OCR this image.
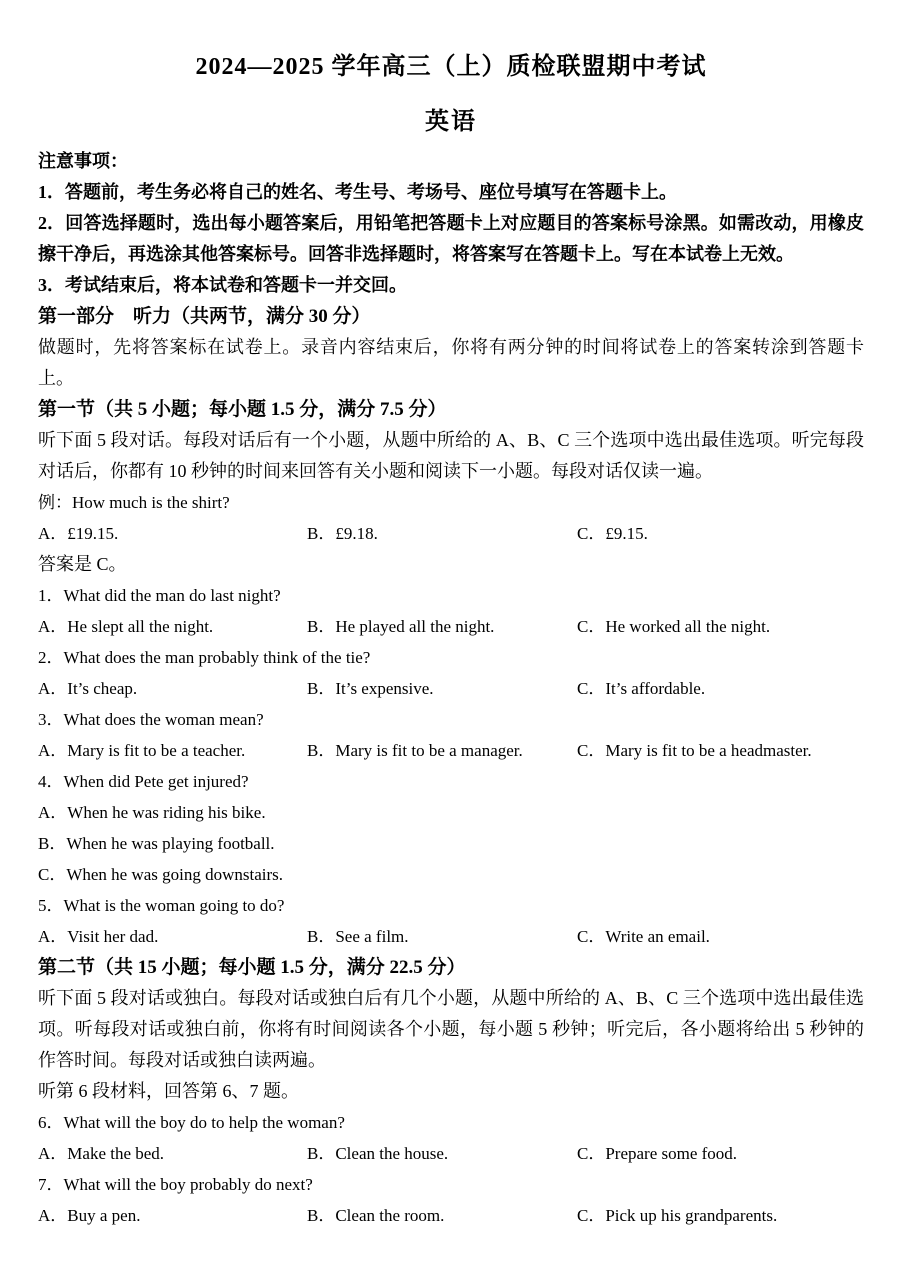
2024—2025 学年高三（上）质检联盟期中考试
英语

注意事项：

1．答题前，考生务必将自己的姓名、考生号、考场号、座位号填写在答题卡上。

2．回答选择题时，选出每小题答案后，用铅笔把答题卡上对应题目的答案标号涂黑。如需改动，用橡皮擦干净后，再选涂其他答案标号。回答非选择题时，将答案写在答题卡上。写在本试卷上无效。

3．考试结束后，将本试卷和答题卡一并交回。

第一部分　听力（共两节，满分 30 分）

做题时，先将答案标在试卷上。录音内容结束后，你将有两分钟的时间将试卷上的答案转涂到答题卡上。

第一节（共 5 小题；每小题 1.5 分，满分 7.5 分）

听下面 5 段对话。每段对话后有一个小题，从题中所给的 A、B、C 三个选项中选出最佳选项。听完每段对话后，你都有 10 秒钟的时间来回答有关小题和阅读下一小题。每段对话仅读一遍。

例：How much is the shirt?

A．£19.15.	B．£9.18.	C．£9.15.

答案是 C。

1．What did the man do last night?

A．He slept all the night.	B．He played all the night.	C．He worked all the night.

2．What does the man probably think of the tie?

A．It’s cheap.	B．It’s expensive.	C．It’s affordable.

3．What does the woman mean?

A．Mary is fit to be a teacher.	B．Mary is fit to be a manager.	C．Mary is fit to be a headmaster.

4．When did Pete get injured?

A．When he was riding his bike.

B．When he was playing football.

C．When he was going downstairs.

5．What is the woman going to do?

A．Visit her dad.	B．See a film.	C．Write an email.

第二节（共 15 小题；每小题 1.5 分，满分 22.5 分）

听下面 5 段对话或独白。每段对话或独白后有几个小题，从题中所给的 A、B、C 三个选项中选出最佳选项。听每段对话或独白前，你将有时间阅读各个小题，每小题 5 秒钟；听完后，各小题将给出 5 秒钟的作答时间。每段对话或独白读两遍。

听第 6 段材料，回答第 6、7 题。

6．What will the boy do to help the woman?

A．Make the bed.	B．Clean the house.	C．Prepare some food.

7．What will the boy probably do next?

A．Buy a pen.	B．Clean the room.	C．Pick up his grandparents.
